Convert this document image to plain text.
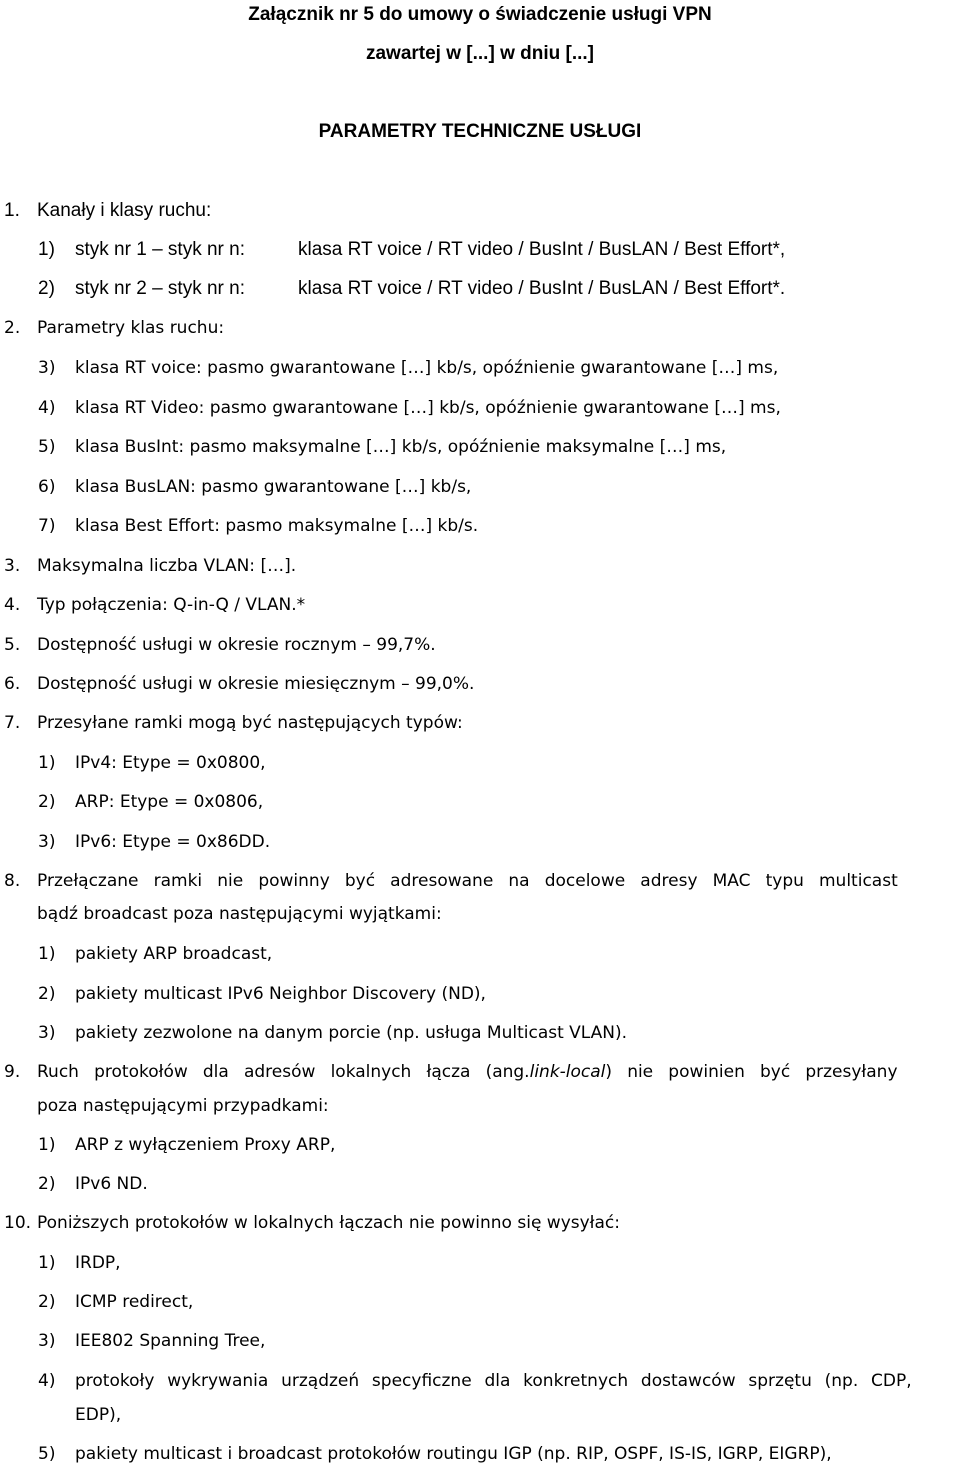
Załącznik nr 5 do umowy o świadczenie usługi VPN
zawartej w [...] w dniu [...]
PARAMETRY TECHNICZNE USŁUGI
1. Kanały i klasy ruchu:
1) styk nr 1 – styk nr n:	klasa RT voice / RT video / BusInt / BusLAN / Best Effort*,
2) styk nr 2 – styk nr n:	klasa RT voice / RT video / BusInt / BusLAN / Best Effort*.
2. Parametry klas ruchu:
3) klasa RT voice: pasmo gwarantowane […] kb/s, opóźnienie gwarantowane […] ms,
4) klasa RT Video: pasmo gwarantowane […] kb/s, opóźnienie gwarantowane […] ms,
5) klasa BusInt: pasmo maksymalne […] kb/s, opóźnienie maksymalne […] ms,
6) klasa BusLAN: pasmo gwarantowane […] kb/s,
7) klasa Best Effort: pasmo maksymalne […] kb/s.
3. Maksymalna liczba VLAN: […].
4. Typ połączenia: Q-in-Q / VLAN.*
5. Dostępność usługi w okresie rocznym – 99,7%.
6. Dostępność usługi w okresie miesięcznym – 99,0%.
7. Przesyłane ramki mogą być następujących typów:
1) IPv4: Etype = 0x0800,
2) ARP: Etype = 0x0806,
3) IPv6: Etype = 0x86DD.
8. Przełączane ramki nie powinny być adresowane na docelowe adresy MAC typu multicast
bądź broadcast poza następującymi wyjątkami:
1) pakiety ARP broadcast,
2) pakiety multicast IPv6 Neighbor Discovery (ND),
3) pakiety zezwolone na danym porcie (np. usługa Multicast VLAN).
9. Ruch protokołów dla adresów lokalnych łącza (ang.link-local) nie powinien być przesyłany
poza następującymi przypadkami:
1) ARP z wyłączeniem Proxy ARP,
2) IPv6 ND.
10. Poniższych protokołów w lokalnych łączach nie powinno się wysyłać:
1) IRDP,
2) ICMP redirect,
3) IEE802 Spanning Tree,
4) protokoły wykrywania urządzeń specyficzne dla konkretnych dostawców sprzętu (np. CDP,
EDP),
5) pakiety multicast i broadcast protokołów routingu IGP (np. RIP, OSPF, IS-IS, IGRP, EIGRP),
